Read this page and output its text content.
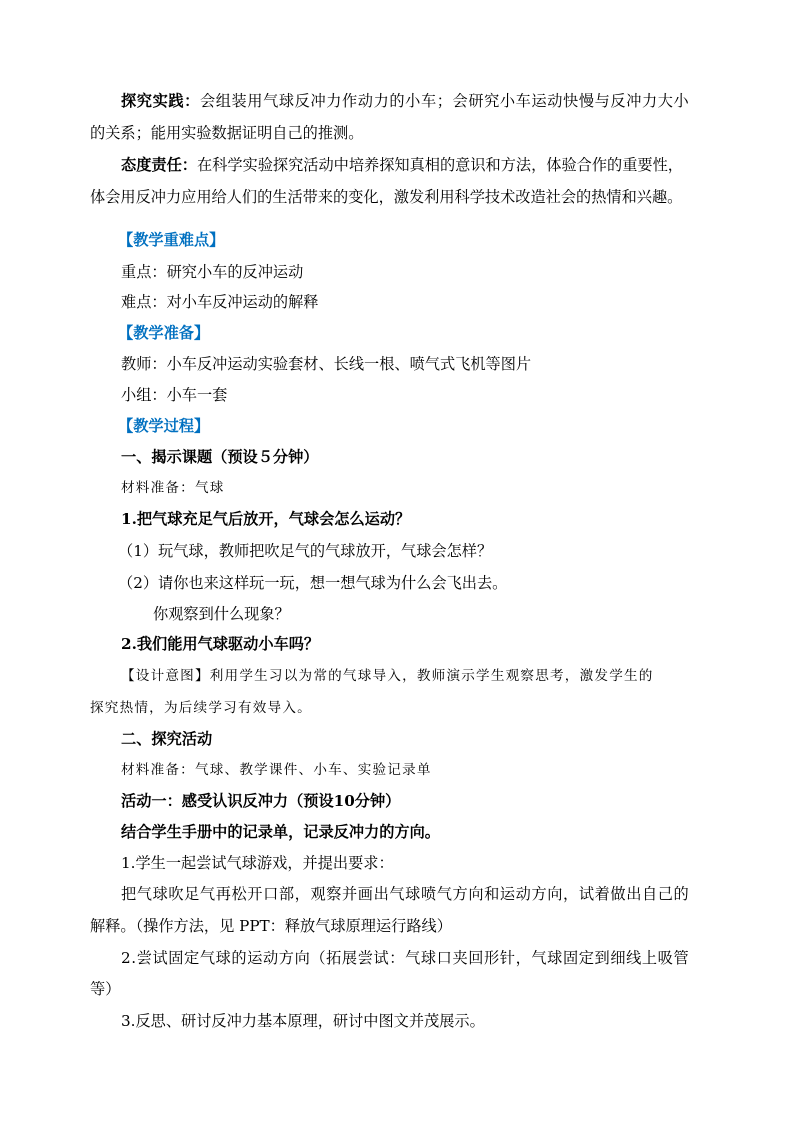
探究实践：会组装用气球反冲力作动力的小车；会研究小车运动快慢与反冲力大小
的关系；能用实验数据证明自己的推测。
态度责任：在科学实验探究活动中培养探知真相的意识和方法，体验合作的重要性，
体会用反冲力应用给人们的生活带来的变化，激发利用科学技术改造社会的热情和兴趣。
【教学重难点】
重点：研究小车的反冲运动
难点：对小车反冲运动的解释
【教学准备】
教师：小车反冲运动实验套材、长线一根、喷气式飞机等图片
小组：小车一套
【教学过程】
一、揭示课题（预设５分钟）
材料准备：气球
1.把气球充足气后放开，气球会怎么运动？
（1）玩气球，教师把吹足气的气球放开，气球会怎样？
（2）请你也来这样玩一玩，想一想气球为什么会飞出去。
你观察到什么现象？
2.我们能用气球驱动小车吗？
【设计意图】利用学生习以为常的气球导入，教师演示学生观察思考，激发学生的
探究热情，为后续学习有效导入。
二、探究活动
材料准备：气球、教学课件、小车、实验记录单
活动一：感受认识反冲力（预设10分钟）
结合学生手册中的记录单，记录反冲力的方向。
1.学生一起尝试气球游戏，并提出要求：
把气球吹足气再松开口部，观察并画出气球喷气方向和运动方向，试着做出自己的
解释。（操作方法，见 PPT：释放气球原理运行路线）
2.尝试固定气球的运动方向（拓展尝试：气球口夹回形针，气球固定到细线上吸管
等）
3.反思、研讨反冲力基本原理，研讨中图文并茂展示。
